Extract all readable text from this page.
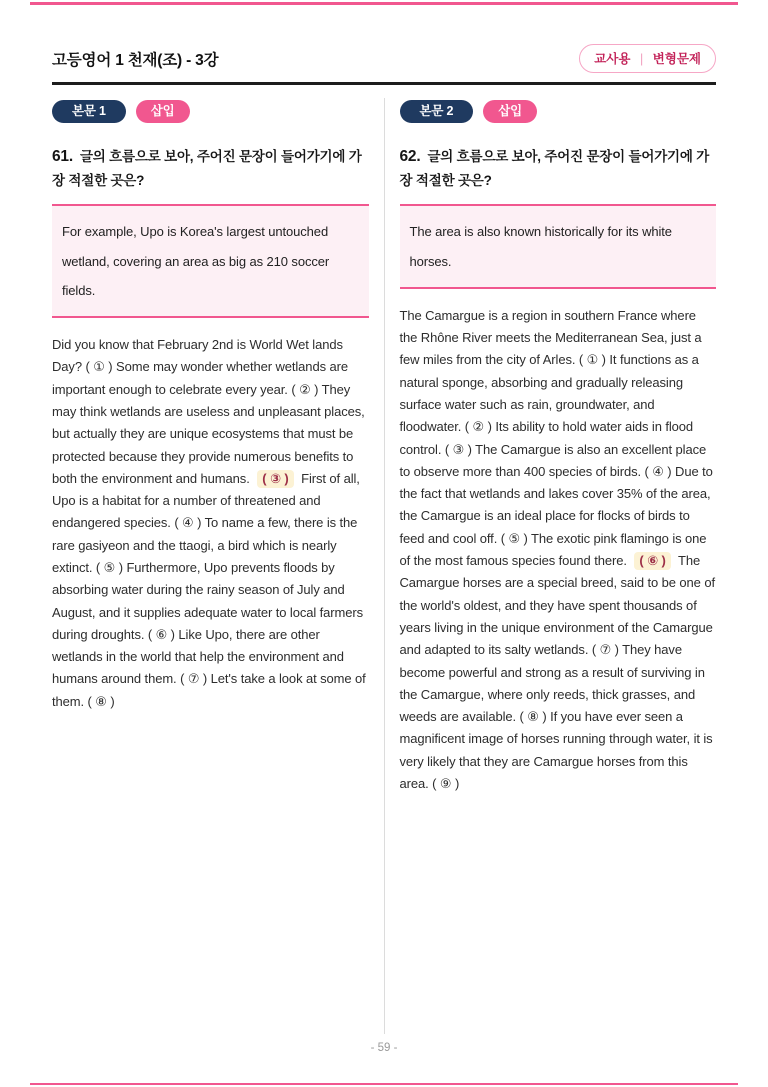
고등영어 1 천재(조) - 3강	교사용 | 변형문제
본문 1	삽입
61. 글의 흐름으로 보아, 주어진 문장이 들어가기에 가장 적절한 곳은?

For example, Upo is Korea's largest untouched wetland, covering an area as big as 210 soccer fields.

Did you know that February 2nd is World Wet lands Day? ( ① ) Some may wonder whether wetlands are important enough to celebrate every year. ( ② ) They may think wetlands are useless and unpleasant places, but actually they are unique ecosystems that must be protected because they provide numerous benefits to both the environment and humans. ( ③ ) First of all, Upo is a habitat for a number of threatened and endangered species. ( ④ ) To name a few, there is the rare gasiyeon and the ttaogi, a bird which is nearly extinct. ( ⑤ ) Furthermore, Upo prevents floods by absorbing water during the rainy season of July and August, and it supplies adequate water to local farmers during droughts. ( ⑥ ) Like Upo, there are other wetlands in the world that help the environment and humans around them. ( ⑦ ) Let's take a look at some of them. ( ⑧ )

본문 2	삽입
62. 글의 흐름으로 보아, 주어진 문장이 들어가기에 가장 적절한 곳은?

The area is also known historically for its white horses.

The Camargue is a region in southern France where the Rhône River meets the Mediterranean Sea, just a few miles from the city of Arles. ( ① ) It functions as a natural sponge, absorbing and gradually releasing surface water such as rain, groundwater, and floodwater. ( ② ) Its ability to hold water aids in flood control. ( ③ ) The Camargue is also an excellent place to observe more than 400 species of birds. ( ④ ) Due to the fact that wetlands and lakes cover 35% of the area, the Camargue is an ideal place for flocks of birds to feed and cool off. ( ⑤ ) The exotic pink flamingo is one of the most famous species found there. ( ⑥ ) The Camargue horses are a special breed, said to be one of the world's oldest, and they have spent thousands of years living in the unique environment of the Camargue and adapted to its salty wetlands. ( ⑦ ) They have become powerful and strong as a result of surviving in the Camargue, where only reeds, thick grasses, and weeds are available. ( ⑧ ) If you have ever seen a magnificent image of horses running through water, it is very likely that they are Camargue horses from this area. ( ⑨ )

- 59 -
